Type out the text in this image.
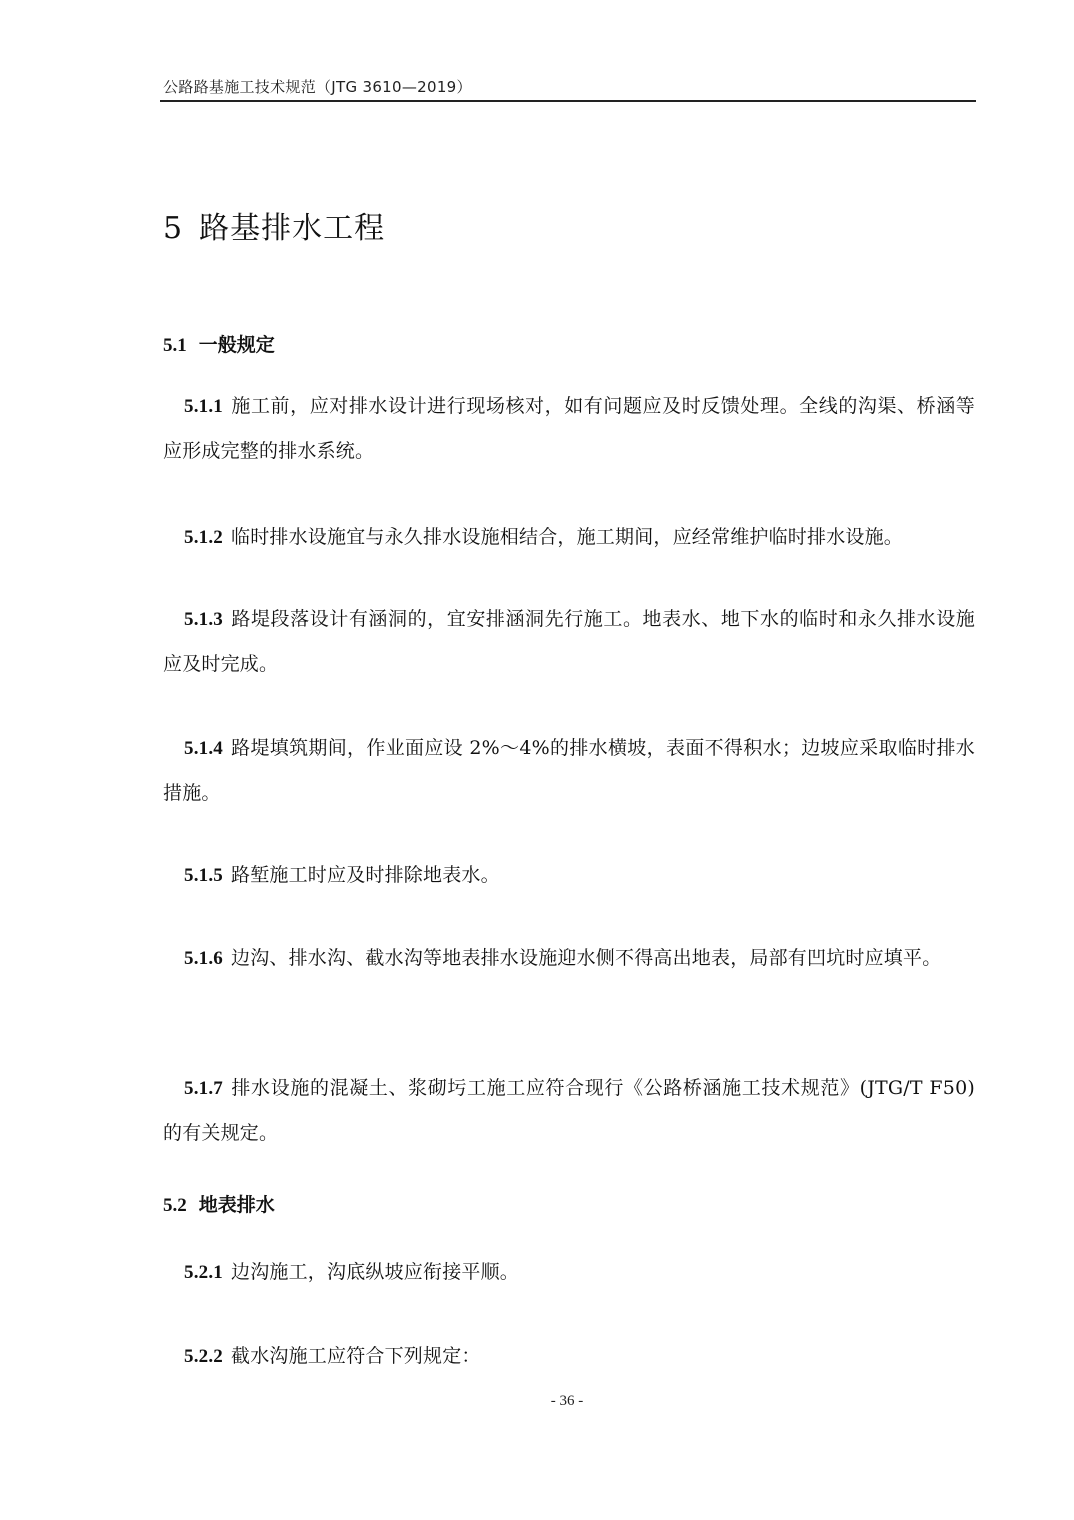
公路路基施工技术规范（JTG 3610—2019）
5 路基排水工程
5.1 一般规定

5.1.1 施工前，应对排水设计进行现场核对，如有问题应及时反馈处理。全线的沟渠、桥涵等应形成完整的排水系统。

5.1.2 临时排水设施宜与永久排水设施相结合，施工期间，应经常维护临时排水设施。

5.1.3 路堤段落设计有涵洞的，宜安排涵洞先行施工。地表水、地下水的临时和永久排水设施应及时完成。

5.1.4 路堤填筑期间，作业面应设 2%～4%的排水横坡，表面不得积水；边坡应采取临时排水措施。

5.1.5 路堑施工时应及时排除地表水。

5.1.6 边沟、排水沟、截水沟等地表排水设施迎水侧不得高出地表，局部有凹坑时应填平。

5.1.7 排水设施的混凝土、浆砌圬工施工应符合现行《公路桥涵施工技术规范》(JTG/T F50)的有关规定。

5.2 地表排水

5.2.1 边沟施工，沟底纵坡应衔接平顺。

5.2.2 截水沟施工应符合下列规定：

- 36 -
